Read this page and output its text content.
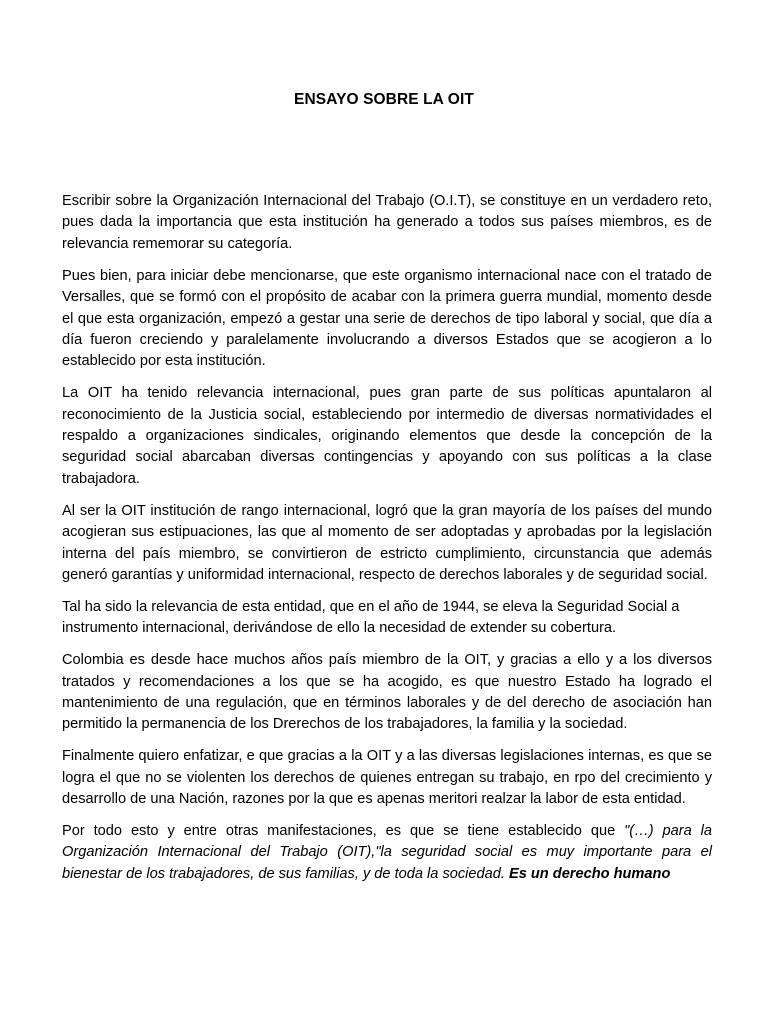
ENSAYO SOBRE LA OIT

Escribir sobre la Organización Internacional del Trabajo (O.I.T), se constituye en un verdadero reto, pues dada la importancia que esta institución ha generado a todos sus países miembros, es de relevancia rememorar su categoría.

Pues bien, para iniciar debe mencionarse, que este organismo internacional nace con el tratado de Versalles, que se formó con el propósito de acabar con la primera guerra mundial, momento desde el que esta organización, empezó a gestar una serie de derechos de tipo laboral y social, que día a día fueron creciendo y paralelamente involucrando a diversos Estados que se acogieron a lo establecido por esta institución.

La OIT ha tenido relevancia internacional, pues gran parte de sus políticas apuntalaron al reconocimiento de la Justicia social, estableciendo por intermedio de diversas normatividades el respaldo a organizaciones sindicales, originando elementos que desde la concepción de la seguridad social abarcaban diversas contingencias y apoyando con sus políticas a la clase trabajadora.

Al ser la OIT institución de rango internacional, logró que la gran mayoría de los países del mundo acogieran sus estipuaciones, las que al momento de ser adoptadas y aprobadas por la legislación interna del país miembro, se convirtieron de estricto cumplimiento, circunstancia que además generó garantías y uniformidad internacional, respecto de derechos laborales y de seguridad social.

Tal ha sido la relevancia de esta entidad, que en el año de 1944, se eleva la Seguridad Social a instrumento internacional, derivándose de ello la necesidad de extender su cobertura.

Colombia es desde hace muchos años país miembro de la OIT, y gracias a ello y a los diversos tratados y recomendaciones a los que se ha acogido, es que nuestro Estado ha logrado el mantenimiento de una regulación, que en términos laborales y de del derecho de asociación han permitido la permanencia de los Drerechos de los trabajadores, la familia y la sociedad.

Finalmente quiero enfatizar, e que gracias a la OIT y a las diversas legislaciones internas, es que se logra el que no se violenten los derechos de quienes entregan su trabajo, en rpo del crecimiento y desarrollo de una Nación, razones por la que es apenas meritori realzar la labor de esta entidad.

Por todo esto y entre otras manifestaciones, es que se tiene establecido que "(…) para la Organización Internacional del Trabajo (OIT),"la seguridad social es muy importante para el bienestar de los trabajadores, de sus familias, y de toda la sociedad. Es un derecho humano
